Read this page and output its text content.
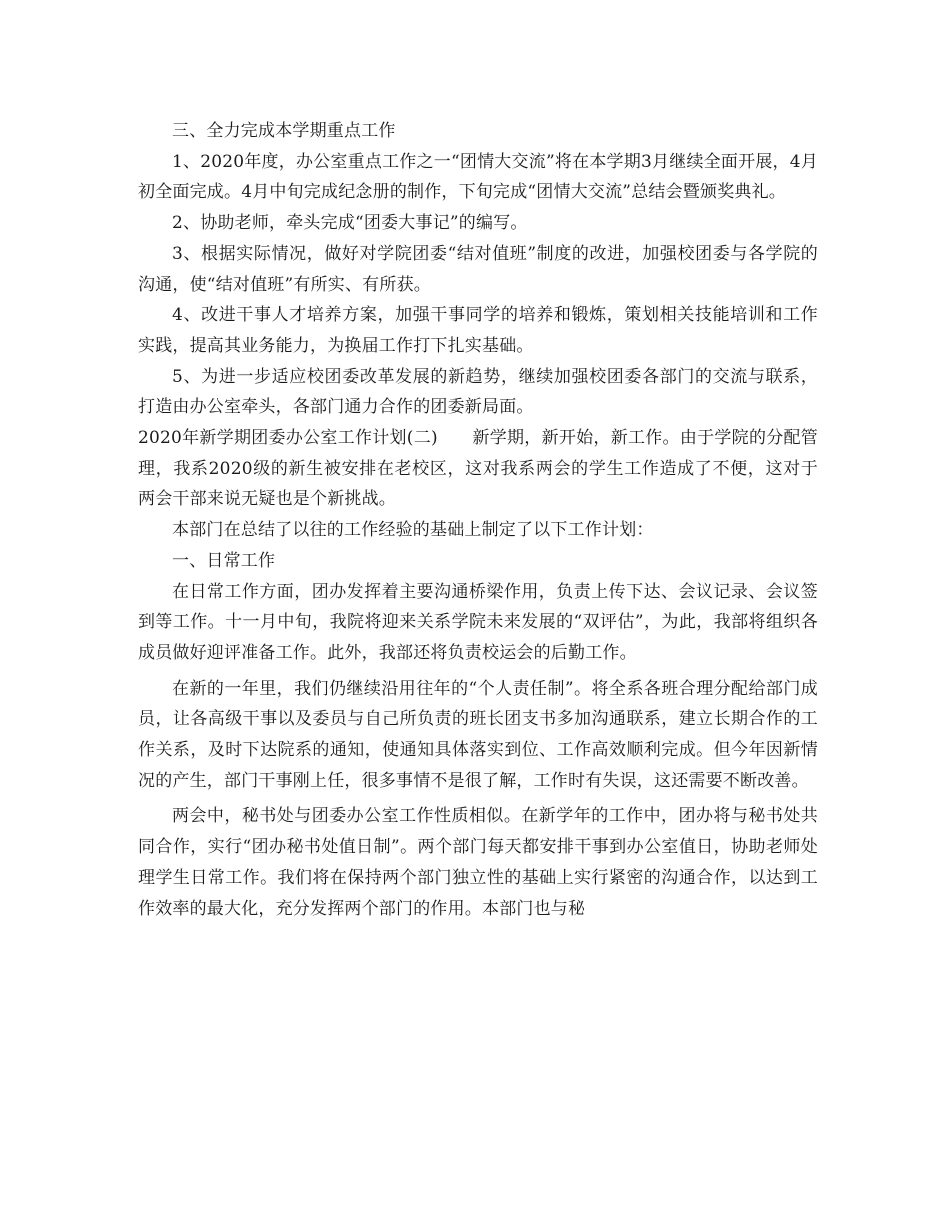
三、全力完成本学期重点工作

1、2020年度，办公室重点工作之一“团情大交流”将在本学期3月继续全面开展，4月初全面完成。4月中旬完成纪念册的制作，下旬完成“团情大交流”总结会暨颁奖典礼。

2、协助老师，牵头完成“团委大事记”的编写。

3、根据实际情况，做好对学院团委“结对值班”制度的改进，加强校团委与各学院的沟通，使“结对值班”有所实、有所获。

4、改进干事人才培养方案，加强干事同学的培养和锻炼，策划相关技能培训和工作实践，提高其业务能力，为换届工作打下扎实基础。

5、为进一步适应校团委改革发展的新趋势，继续加强校团委各部门的交流与联系，打造由办公室牵头，各部门通力合作的团委新局面。

2020年新学期团委办公室工作计划(二)　　新学期，新开始，新工作。由于学院的分配管理，我系2020级的新生被安排在老校区，这对我系两会的学生工作造成了不便，这对于两会干部来说无疑也是个新挑战。

本部门在总结了以往的工作经验的基础上制定了以下工作计划：

一、日常工作

在日常工作方面，团办发挥着主要沟通桥梁作用，负责上传下达、会议记录、会议签到等工作。十一月中旬，我院将迎来关系学院未来发展的“双评估”，为此，我部将组织各成员做好迎评准备工作。此外，我部还将负责校运会的后勤工作。

在新的一年里，我们仍继续沿用往年的“个人责任制”。将全系各班合理分配给部门成员，让各高级干事以及委员与自己所负责的班长团支书多加沟通联系，建立长期合作的工作关系，及时下达院系的通知，使通知具体落实到位、工作高效顺利完成。但今年因新情况的产生，部门干事刚上任，很多事情不是很了解，工作时有失误，这还需要不断改善。

两会中，秘书处与团委办公室工作性质相似。在新学年的工作中，团办将与秘书处共同合作，实行“团办秘书处值日制”。两个部门每天都安排干事到办公室值日，协助老师处理学生日常工作。我们将在保持两个部门独立性的基础上实行紧密的沟通合作，以达到工作效率的最大化，充分发挥两个部门的作用。本部门也与秘
